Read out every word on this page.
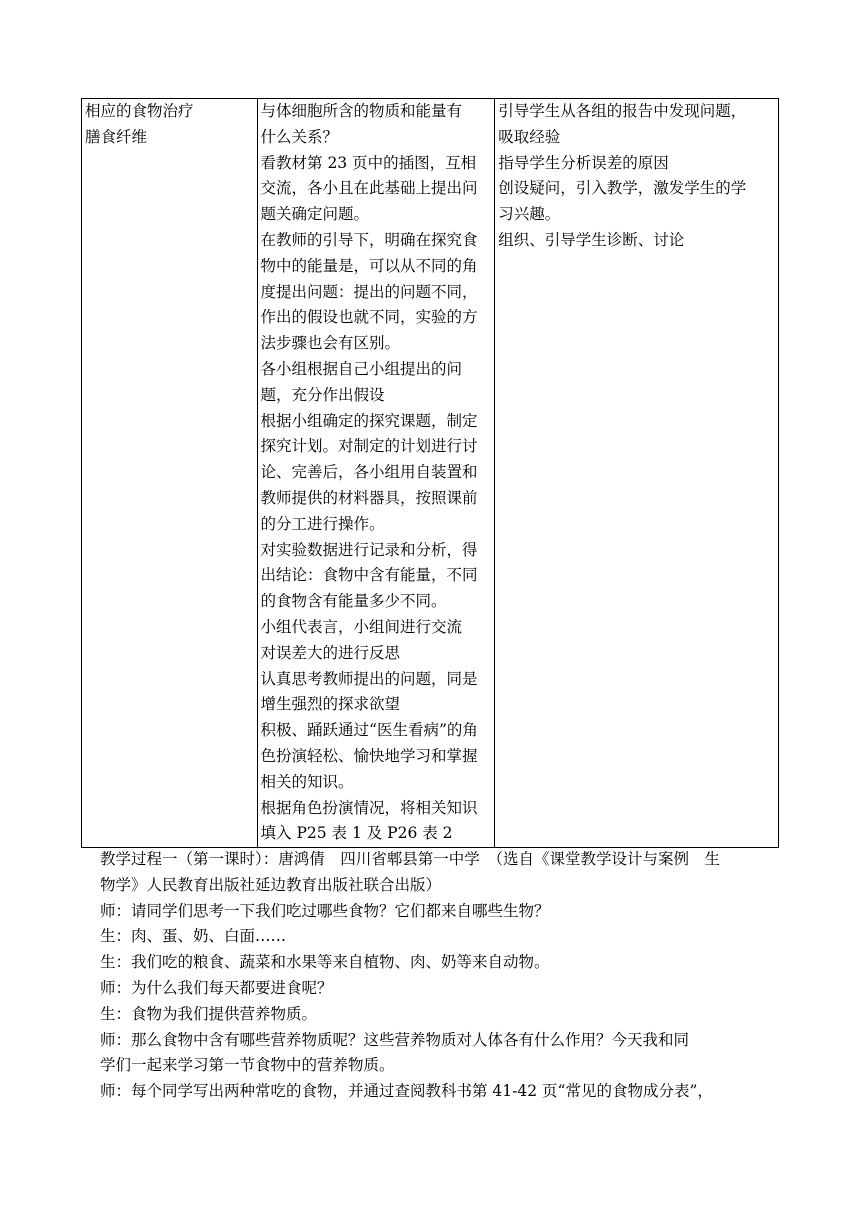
相应的食物治疗
膳食纤维

与体细胞所含的物质和能量有
什么关系？
看教材第 23 页中的插图，互相
交流，各小且在此基础上提出问
题关确定问题。
在教师的引导下，明确在探究食
物中的能量是，可以从不同的角
度提出问题：提出的问题不同，
作出的假设也就不同，实验的方
法步骤也会有区别。
各小组根据自己小组提出的问
题，充分作出假设
根据小组确定的探究课题，制定
探究计划。对制定的计划进行讨
论、完善后，各小组用自装置和
教师提供的材料器具，按照课前
的分工进行操作。
对实验数据进行记录和分析，得
出结论：食物中含有能量，不同
的食物含有能量多少不同。
小组代表言，小组间进行交流
对误差大的进行反思
认真思考教师提出的问题，同是
增生强烈的探求欲望
积极、踊跃通过“医生看病”的角
色扮演轻松、愉快地学习和掌握
相关的知识。
根据角色扮演情况，将相关知识
填入 P25 表 1 及 P26 表 2

引导学生从各组的报告中发现问题，
吸取经验
指导学生分析误差的原因
创设疑问，引入教学，激发学生的学
习兴趣。
组织、引导学生诊断、讨论
教学过程一（第一课时）：唐鸿倩　四川省郫县第一中学　（选自《课堂教学设计与案例　生
物学》人民教育出版社延边教育出版社联合出版）
师：请同学们思考一下我们吃过哪些食物？它们都来自哪些生物？
生：肉、蛋、奶、白面……
生：我们吃的粮食、蔬菜和水果等来自植物、肉、奶等来自动物。
师：为什么我们每天都要进食呢？
生：食物为我们提供营养物质。
师：那么食物中含有哪些营养物质呢？这些营养物质对人体各有什么作用？今天我和同
学们一起来学习第一节食物中的营养物质。
师：每个同学写出两种常吃的食物，并通过查阅教科书第 41-42 页“常见的食物成分表”，
